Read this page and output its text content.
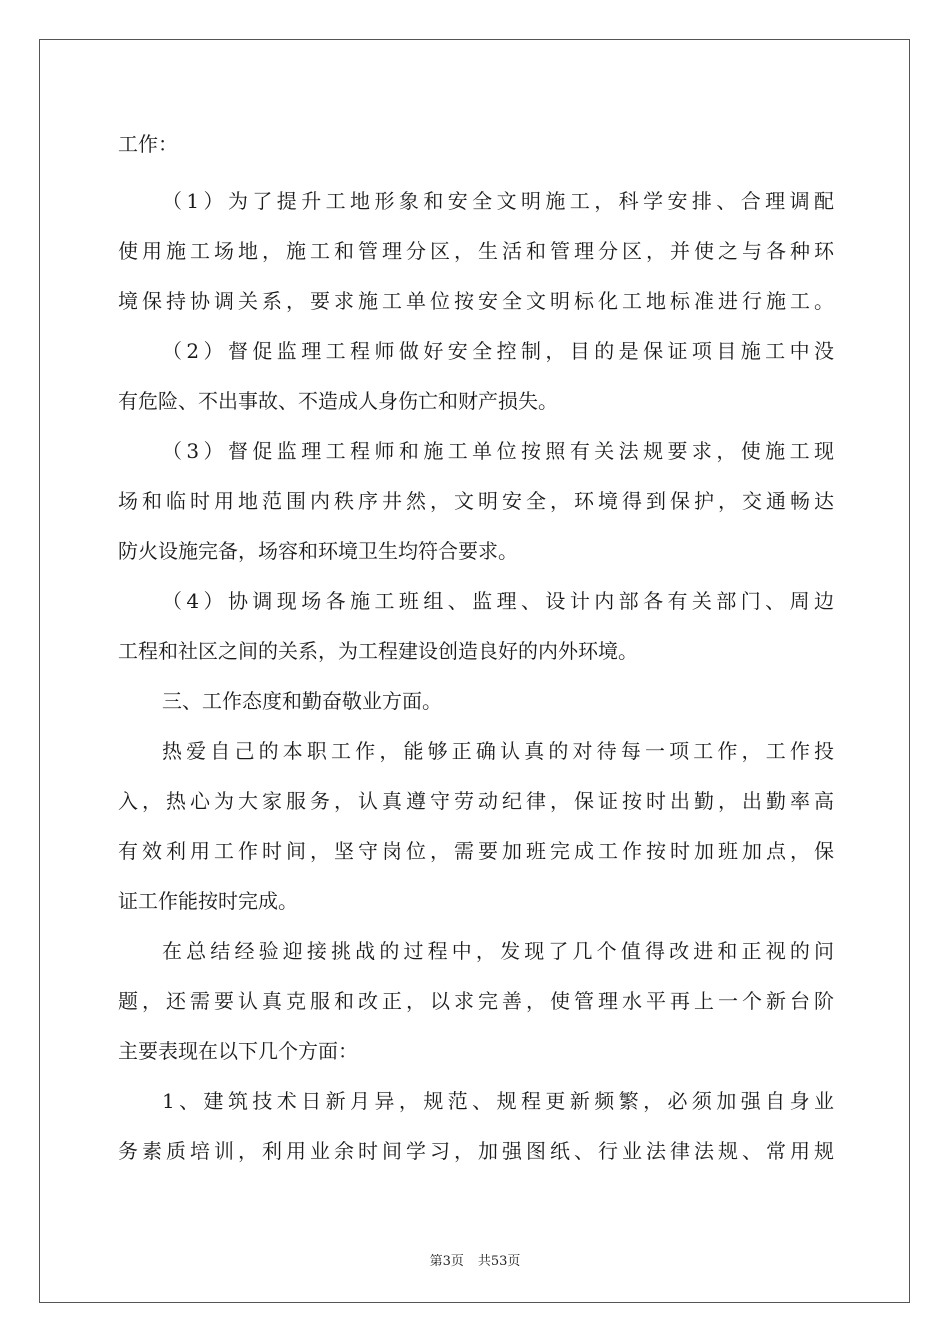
工作：
（1）为了提升工地形象和安全文明施工，科学安排、合理调配
使用施工场地，施工和管理分区，生活和管理分区，并使之与各种环
境保持协调关系，要求施工单位按安全文明标化工地标准进行施工。
（2）督促监理工程师做好安全控制，目的是保证项目施工中没
有危险、不出事故、不造成人身伤亡和财产损失。
（3）督促监理工程师和施工单位按照有关法规要求，使施工现
场和临时用地范围内秩序井然，文明安全，环境得到保护，交通畅达
防火设施完备，场容和环境卫生均符合要求。
（4）协调现场各施工班组、监理、设计内部各有关部门、周边
工程和社区之间的关系，为工程建设创造良好的内外环境。
三、工作态度和勤奋敬业方面。
热爱自己的本职工作，能够正确认真的对待每一项工作，工作投
入，热心为大家服务，认真遵守劳动纪律，保证按时出勤，出勤率高
有效利用工作时间，坚守岗位，需要加班完成工作按时加班加点，保
证工作能按时完成。
在总结经验迎接挑战的过程中，发现了几个值得改进和正视的问
题，还需要认真克服和改正，以求完善，使管理水平再上一个新台阶
主要表现在以下几个方面：
1、建筑技术日新月异，规范、规程更新频繁，必须加强自身业
务素质培训，利用业余时间学习，加强图纸、行业法律法规、常用规
第3页 共53页
